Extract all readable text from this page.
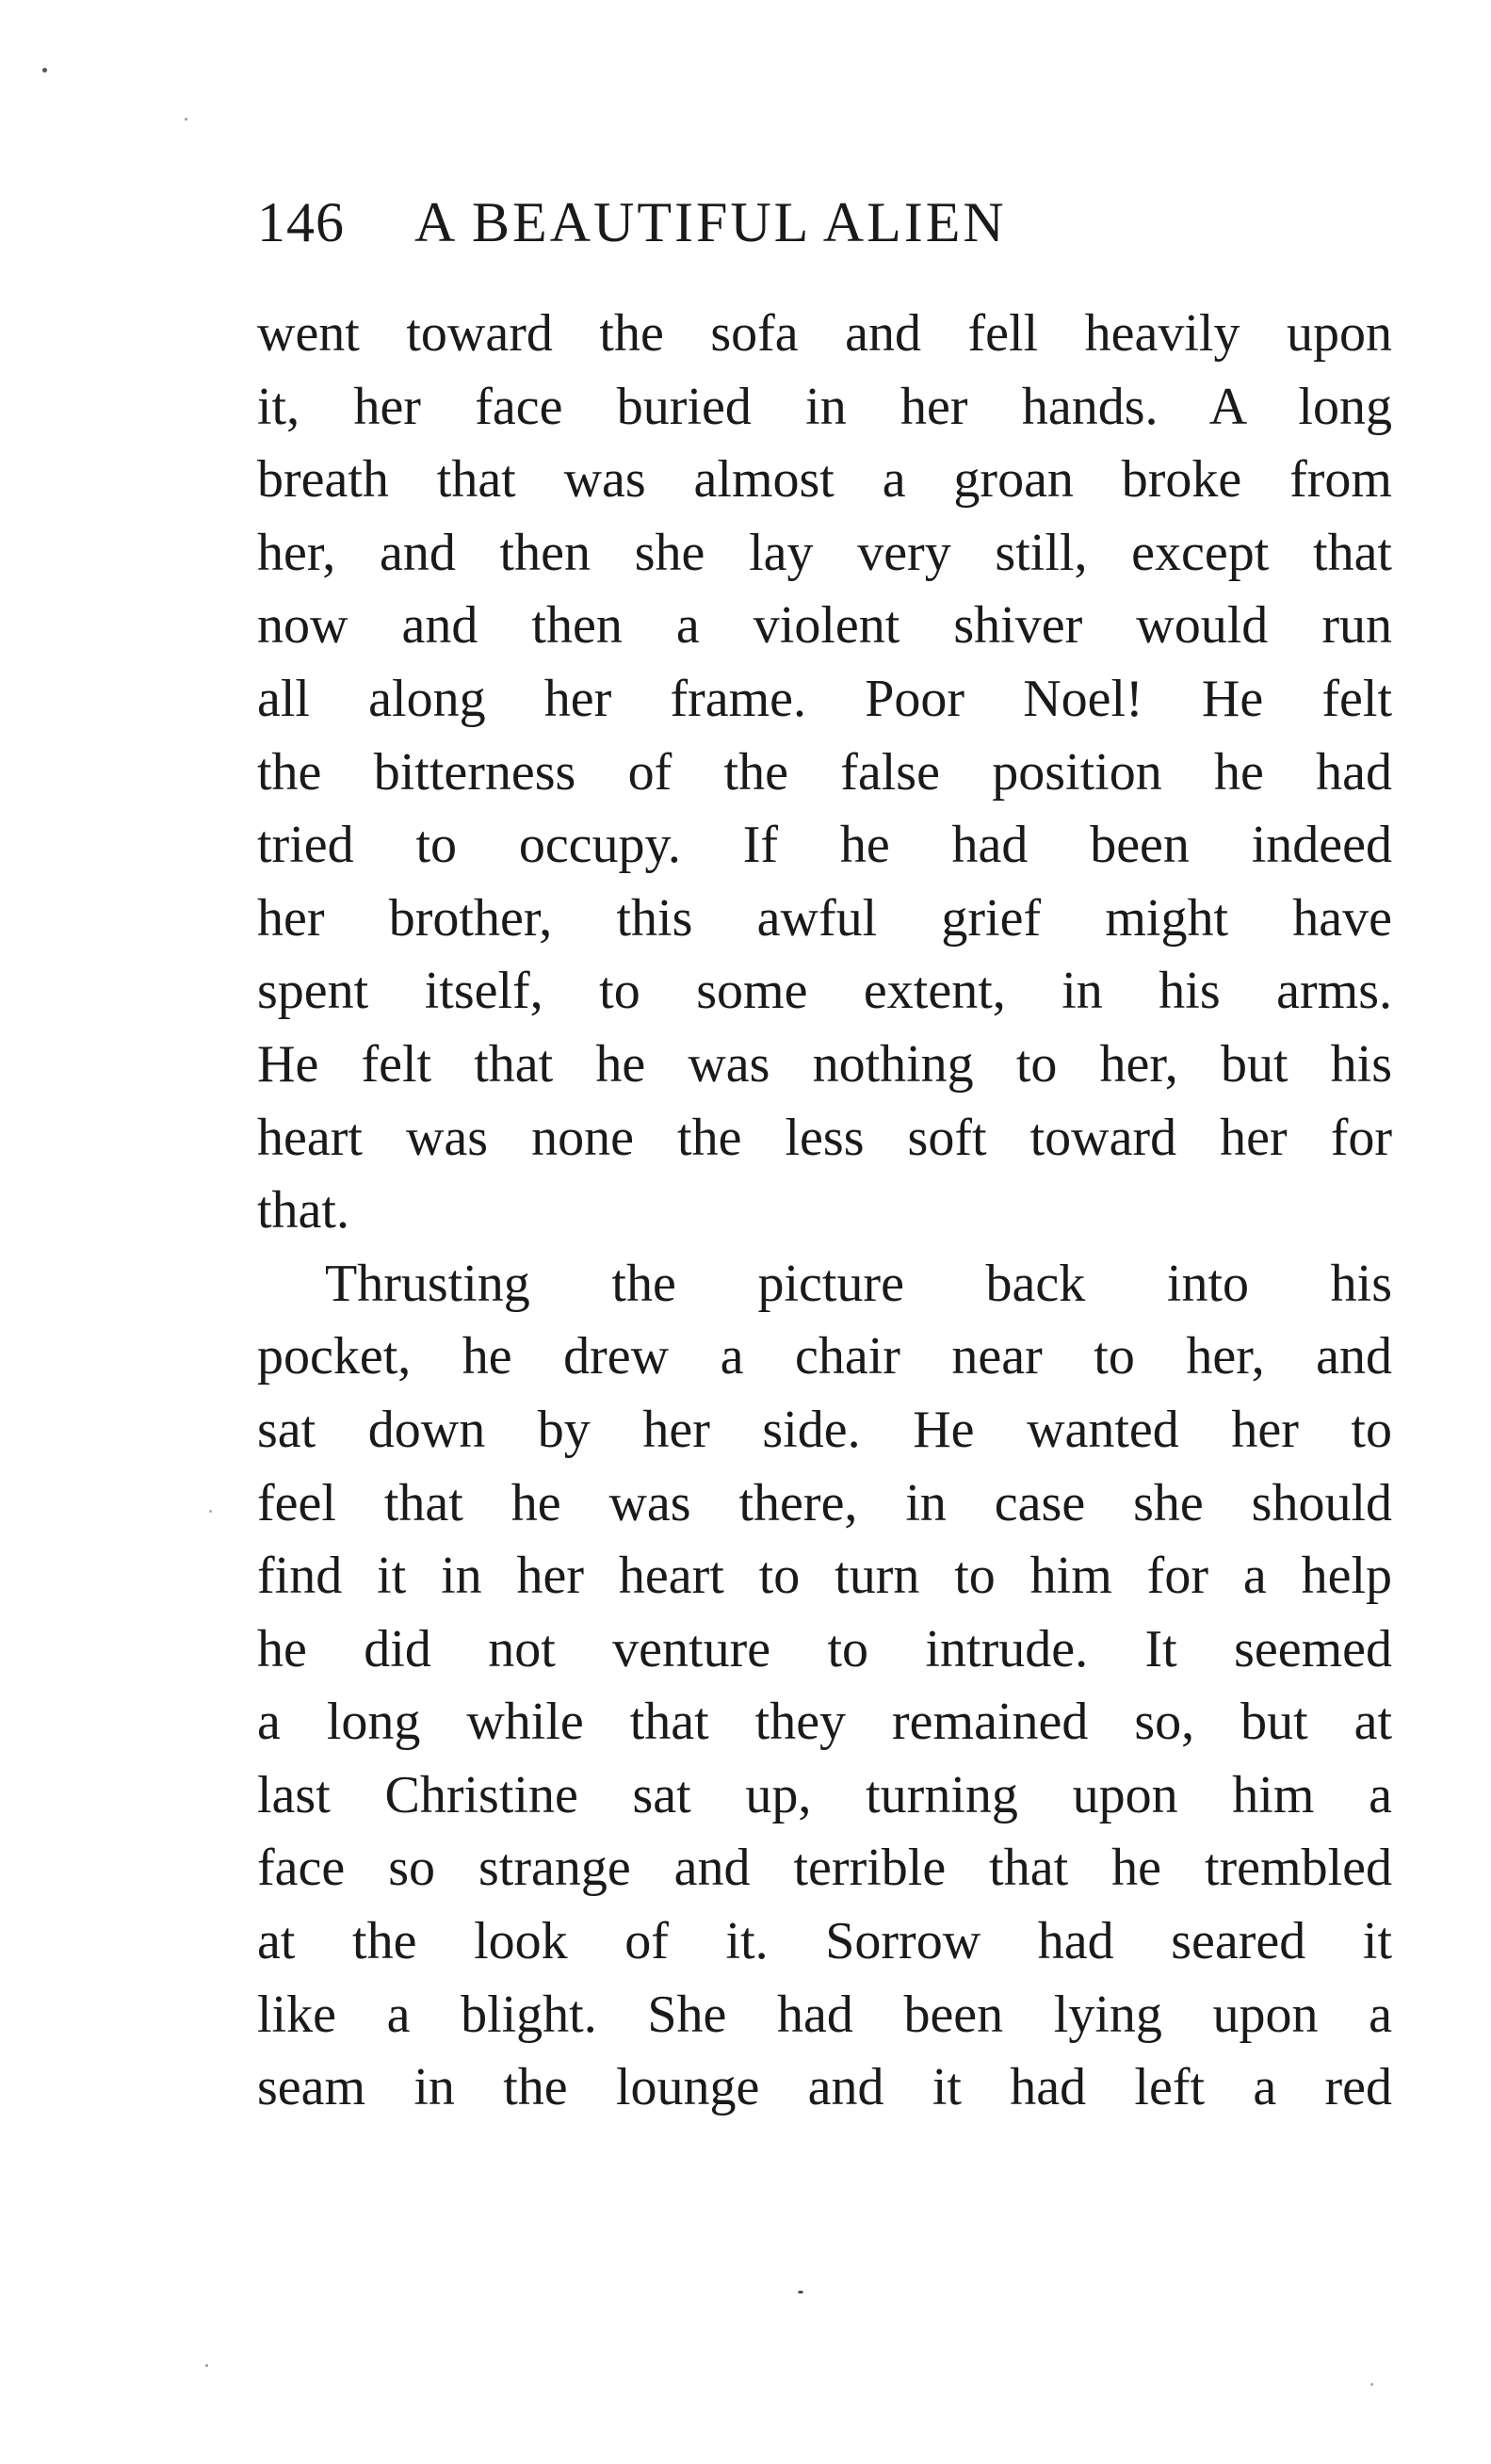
146 A BEAUTIFUL ALIEN
went toward the sofa and fell heavily upon
it, her face buried in her hands. A long
breath that was almost a groan broke from
her, and then she lay very still, except that
now and then a violent shiver would run
all along her frame. Poor Noel! He felt
the bitterness of the false position he had
tried to occupy. If he had been indeed
her brother, this awful grief might have
spent itself, to some extent, in his arms.
He felt that he was nothing to her, but his
heart was none the less soft toward her for
that.
Thrusting the picture back into his
pocket, he drew a chair near to her, and
sat down by her side. He wanted her to
feel that he was there, in case she should
find it in her heart to turn to him for a help
he did not venture to intrude. It seemed
a long while that they remained so, but at
last Christine sat up, turning upon him a
face so strange and terrible that he trembled
at the look of it. Sorrow had seared it
like a blight. She had been lying upon a
seam in the lounge and it had left a red
